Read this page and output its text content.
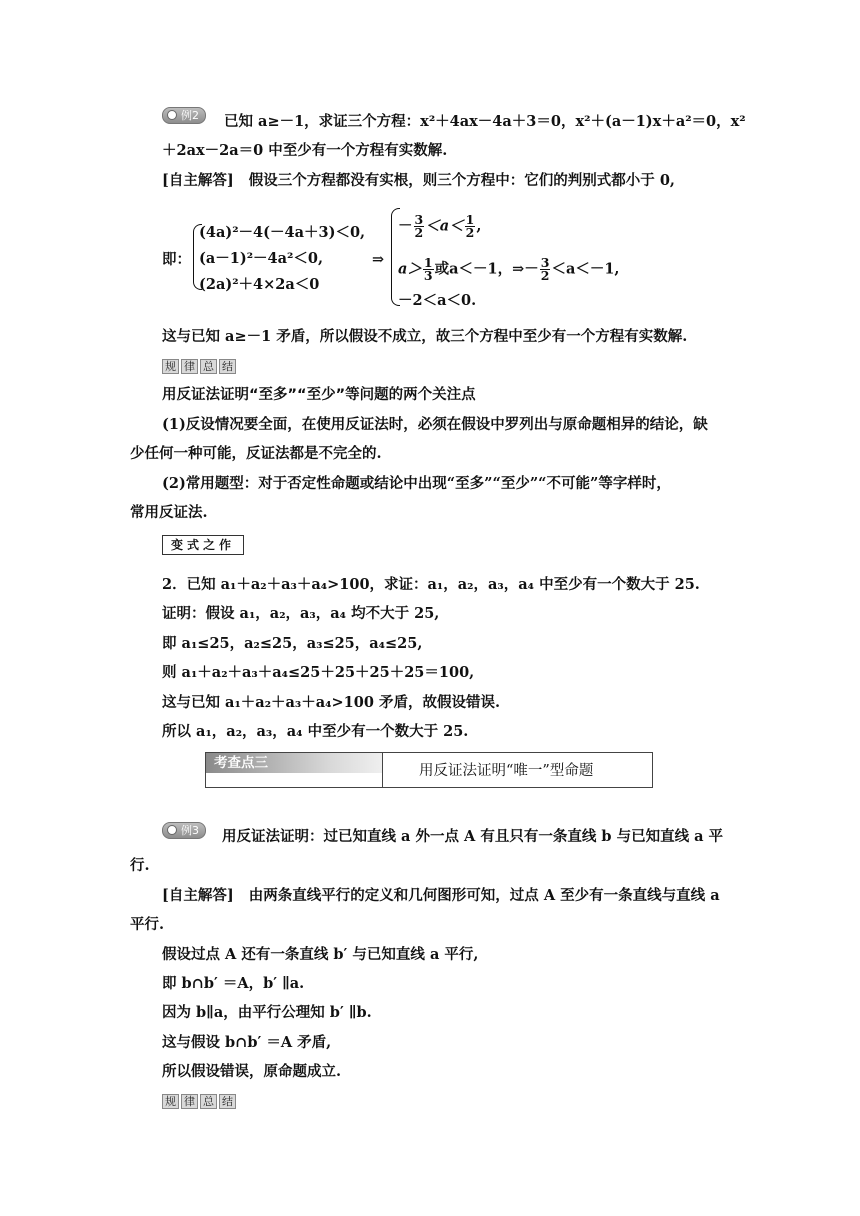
例2	已知 a≥－1，求证三个方程：x²＋4ax－4a＋3＝0，x²＋(a－1)x＋a²＝0，x²
＋2ax－2a＝0 中至少有一个方程有实数解.
[自主解答] 假设三个方程都没有实根，则三个方程中：它们的判别式都小于 0,
即：
(4a)²－4(－4a＋3)＜0,
(a－1)²－4a²＜0,
(2a)²＋4×2a＜0
⇒
－ $\frac{3}{2} <a< \frac{1}{2}$ ,
$a> \frac{1}{3}$ 或a＜－1，⇒－ $\frac{3}{2} <a<-1$,
－2＜a＜0.
这与已知 a≥－1 矛盾，所以假设不成立，故三个方程中至少有一个方程有实数解.
规 律 总 结
用反证法证明“至多”“至少”等问题的两个关注点
(1)反设情况要全面，在使用反证法时，必须在假设中罗列出与原命题相异的结论，缺
少任何一种可能，反证法都是不完全的.
(2)常用题型：对于否定性命题或结论中出现“至多”“至少”“不可能”等字样时，
常用反证法.
变式之作
2．已知 a₁＋a₂＋a₃＋a₄>100，求证：a₁，a₂，a₃，a₄ 中至少有一个数大于 25.
证明：假设 a₁，a₂，a₃，a₄ 均不大于 25,
即 a₁≤25，a₂≤25，a₃≤25，a₄≤25,
则 a₁＋a₂＋a₃＋a₄≤25＋25＋25＋25＝100,
这与已知 a₁＋a₂＋a₃＋a₄>100 矛盾，故假设错误.
所以 a₁，a₂，a₃，a₄ 中至少有一个数大于 25.
考查点三	用反证法证明“唯一”型命题
例3	用反证法证明：过已知直线 a 外一点 A 有且只有一条直线 b 与已知直线 a 平
行.
[自主解答] 由两条直线平行的定义和几何图形可知，过点 A 至少有一条直线与直线 a
平行.
假设过点 A 还有一条直线 b′ 与已知直线 a 平行,
即 b∩b′ ＝A，b′ ∥a.
因为 b∥a，由平行公理知 b′ ∥b.
这与假设 b∩b′ ＝A 矛盾,
所以假设错误，原命题成立.
规 律 总 结
